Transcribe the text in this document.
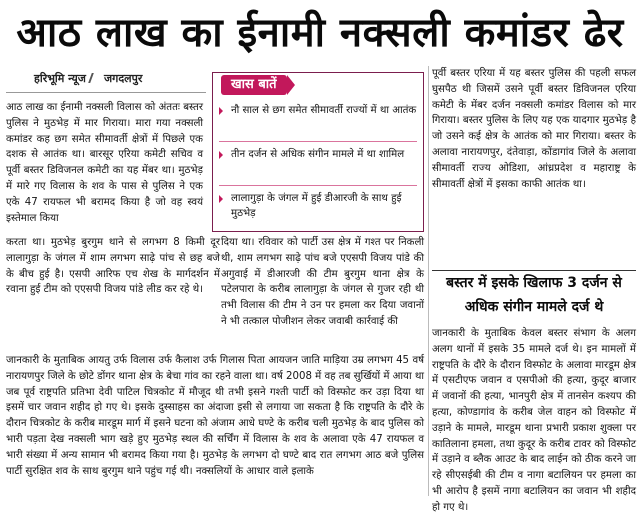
आठ लाख का ईनामी नक्सली कमांडर ढेर
हरिभूमि न्यूज जगदलपुर

आठ लाख का ईनामी नक्सली विलास को अंततः बस्तर पुलिस ने मुठभेड़ में मार गिराया। मारा गया नक्सली कमांडर कह छग समेत सीमावर्ती क्षेत्रों में पिछले एक दशक से आतंक था। बारसूर एरिया कमेटी सचिव व पूर्वी बस्तर डिविजनल कमेटी का यह मेंबर था। मुठभेड़ में मारे गए विलास के शव के पास से पुलिस ने एक एके 47 रायफल भी बरामद किया है जो वह स्वयं इस्तेमाल किया

करता था। मुठभेड़ बुरगुम थाने से लगभग 8 किमी दूर लालागुड़ा के जंगल में शाम लगभग साढ़े पांच से छह बजे के बीच हुई है। एसपी आरिफ एच शेख के मार्गदर्शन में रवाना हुई टीम को एएसपी विजय पांडे लीड कर रहे थे।

दिया था। रविवार को पार्टी उस क्षेत्र में गश्त पर निकली थी, शाम लगभग साढ़े पांच बजे एएसपी विजय पांडे की अगुवाई में डीआरजी की टीम बुरगुम थाना क्षेत्र के पटेलपारा के करीब लालागुड़ा के जंगल से गुजर रही थी तभी विलास की टीम ने उन पर हमला कर दिया जवानों ने भी तत्काल पोजीशन लेकर जवाबी कार्रवाई की

जानकारी के मुताबिक आयतु उर्फ विलास उर्फ कैलाश उर्फ गिलास पिता आयजन जाति माड़िया उम्र लगभग 45 वर्ष नारायणपुर जिले के छोटे डोंगर थाना क्षेत्र के बेचा गांव का रहने वाला था। वर्ष 2008 में वह तब सुर्खियों में आया था जब पूर्व राष्ट्रपति प्रतिभा देवी पाटिल चित्रकोट में मौजूद थी तभी इसने गश्ती पार्टी को विस्फोट कर उड़ा दिया था इसमें चार जवान शहीद हो गए थे। इसके दुस्साहस का अंदाजा इसी से लगाया जा सकता है कि राष्ट्रपति के दौरे के दौरान चित्रकोट के करीब मारडूम मार्ग में इसने घटना को अंजाम आधे घण्टे के करीब चली मुठभेड़ के बाद पुलिस को भारी पड़ता देख नक्सली भाग खड़े हुए मुठभेड़ स्थल की सर्चिंग में विलास के शव के अलावा एके 47 रायफल व भारी संख्या में अन्य सामान भी बरामद किया गया है। मुठभेड़ के लगभग दो घण्टे बाद रात लगभग आठ बजे पुलिस पार्टी सुरक्षित शव के साथ बुरगुम थाने पहुंच गई थी। नक्सलियों के आधार वाले इलाके

खास बातें
नौ साल से छग समेत सीमावर्ती राज्यों में था आतंक
तीन दर्जन से अधिक संगीन मामले में था शामिल
लालागुड़ा के जंगल में हुई डीआरजी के साथ हुई मुठभेड़

पूर्वी बस्तर एरिया में यह बस्तर पुलिस की पहली सफल घुसपैठ थी जिसमें उसने पूर्वी बस्तर डिविजनल एरिया कमेटी के मेंबर दर्जन नक्सली कमांडर विलास को मार गिराया। बस्तर पुलिस के लिए यह एक यादगार मुठभेड़ है जो उसने कई क्षेत्र के आतंक को मार गिराया। बस्तर के अलावा नारायणपुर, दंतेवाड़ा, कोंडागांव जिले के अलावा सीमावर्ती राज्य ओडिशा, आंध्रप्रदेश व महाराष्ट्र के सीमावर्ती क्षेत्रों में इसका काफी आतंक था।

बस्तर में इसके खिलाफ 3 दर्जन से अधिक संगीन मामले दर्ज थे

जानकारी के मुताबिक केवल बस्तर संभाग के अलग अलग थानों में इसके 35 मामले दर्ज थे। इन मामलों में राष्ट्रपति के दौरे के दौरान विस्फोट के अलावा मारडूम क्षेत्र में एसटीएफ जवान व एसपीओ की हत्या, कुदूर बाजार में जवानों की हत्या, भानपुरी क्षेत्र में तानसेन कश्यप की हत्या, कोण्डागांव के करीब जेल वाहन को विस्फोट में उड़ाने के मामले, मारडूम थाना प्रभारी प्रकाश शुक्ला पर कातिलाना हमला, तथा कुदूर के करीब टावर को विस्फोट में उड़ाने व ब्लैक आउट के बाद लाईन को ठीक करने जा रहे सीएसईबी की टीम व नागा बटालियन पर हमला का भी आरोप है इसमें नागा बटालियन का जवान भी शहीद हो गए थे।
